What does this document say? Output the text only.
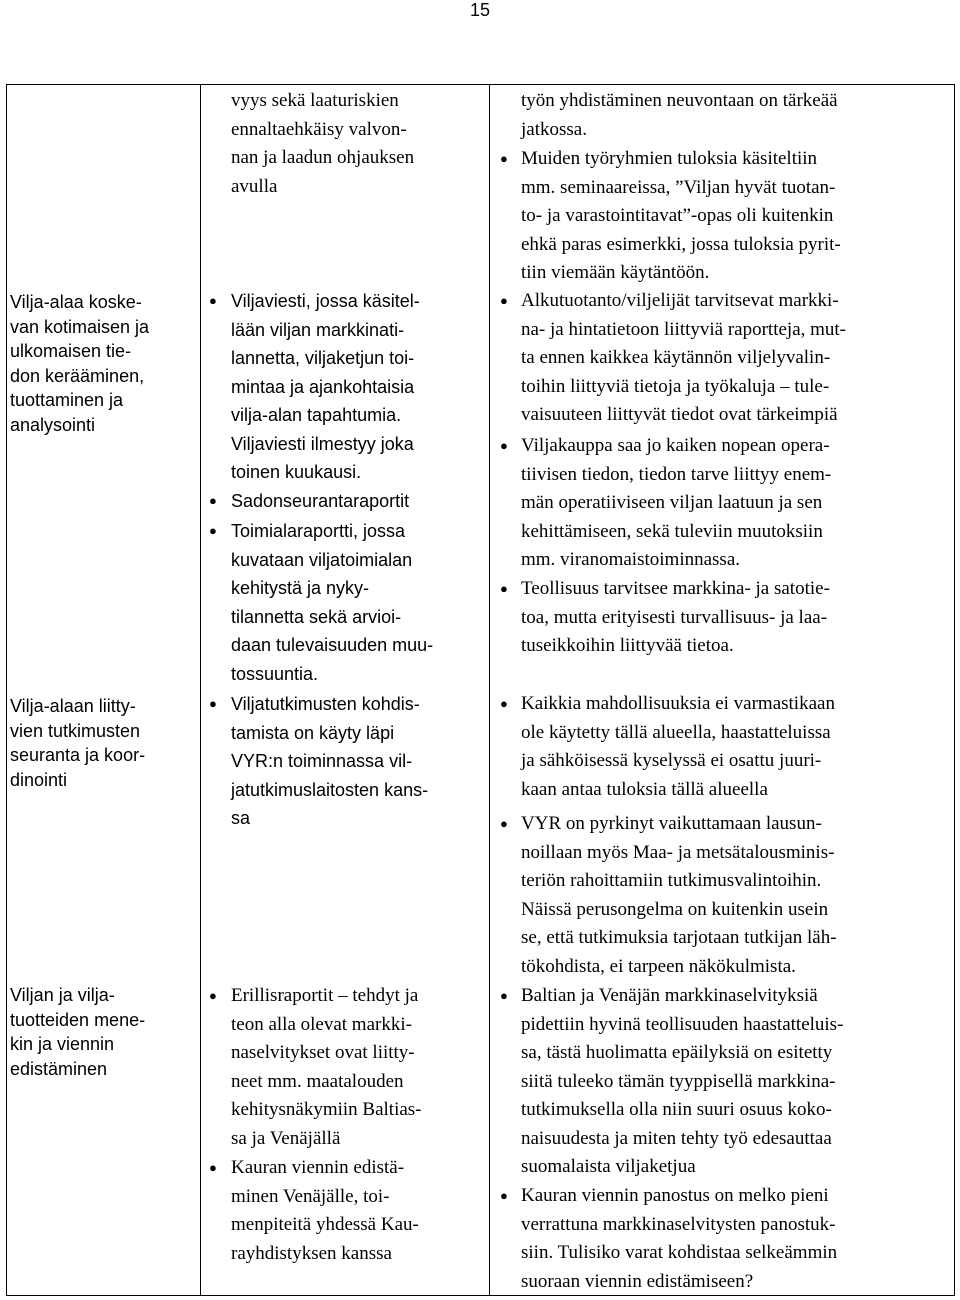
15
Vilja-alaa koske-
van kotimaisen ja
ulkomaisen tie-
don kerääminen,
tuottaminen ja
analysointi
Vilja-alaan liitty-
vien tutkimusten
seuranta ja koor-
dinointi
Viljan ja vilja-
tuotteiden mene-
kin ja viennin
edistäminen
vyys sekä laaturiskien
ennaltaehkäisy valvon-
nan ja laadun ohjauksen
avulla
● Viljaviesti, jossa käsitel-
lään viljan markkinati-
lannetta, viljaketjun toi-
mintaa ja ajankohtaisia
vilja-alan tapahtumia.
Viljaviesti ilmestyy joka
toinen kuukausi.
● Sadonseurantaraportit
● Toimialaraportti, jossa
kuvataan viljatoimialan
kehitystä ja nyky-
tilannetta sekä arvioi-
daan tulevaisuuden muu-
tossuuntia.
● Viljatutkimusten kohdis-
tamista on käyty läpi
VYR:n toiminnassa vil-
jatutkimuslaitosten kans-
sa
● Erillisraportit – tehdyt ja
teon alla olevat markki-
naselvitykset ovat liitty-
neet mm. maatalouden
kehitysnäkymiin Baltias-
sa ja Venäjällä
● Kauran viennin edistä-
minen Venäjälle, toi-
menpiteitä yhdessä Kau-
rayhdistyksen kanssa
työn yhdistäminen neuvontaan on tärkeää
jatkossa.
● Muiden työryhmien tuloksia käsiteltiin
mm. seminaareissa, ”Viljan hyvät tuotan-
to- ja varastointitavat”-opas oli kuitenkin
ehkä paras esimerkki, jossa tuloksia pyrit-
tiin viemään käytäntöön.
● Alkutuotanto/viljelijät tarvitsevat markki-
na- ja hintatietoon liittyviä raportteja, mut-
ta ennen kaikkea käytännön viljelyvalin-
toihin liittyviä tietoja ja työkaluja – tule-
vaisuuteen liittyvät tiedot ovat tärkeimpiä
● Viljakauppa saa jo kaiken nopean opera-
tiivisen tiedon, tiedon tarve liittyy enem-
män operatiiviseen viljan laatuun ja sen
kehittämiseen, sekä tuleviin muutoksiin
mm. viranomaistoiminnassa.
● Teollisuus tarvitsee markkina- ja satotie-
toa, mutta erityisesti turvallisuus- ja laa-
tuseikkoihin liittyvää tietoa.
● Kaikkia mahdollisuuksia ei varmastikaan
ole käytetty tällä alueella, haastatteluissa
ja sähköisessä kyselyssä ei osattu juuri-
kaan antaa tuloksia tällä alueella
● VYR on pyrkinyt vaikuttamaan lausun-
noillaan myös Maa- ja metsätalousminis-
teriön rahoittamiin tutkimusvalintoihin.
Näissä perusongelma on kuitenkin usein
se, että tutkimuksia tarjotaan tutkijan läh-
tökohdista, ei tarpeen näkökulmista.
● Baltian ja Venäjän markkinaselvityksiä
pidettiin hyvinä teollisuuden haastatteluis-
sa, tästä huolimatta epäilyksiä on esitetty
siitä tuleeko tämän tyyppisellä markkina-
tutkimuksella olla niin suuri osuus koko-
naisuudesta ja miten tehty työ edesauttaa
suomalaista viljaketjua
● Kauran viennin panostus on melko pieni
verrattuna markkinaselvitysten panostuk-
siin. Tulisiko varat kohdistaa selkeämmin
suoraan viennin edistämiseen?
